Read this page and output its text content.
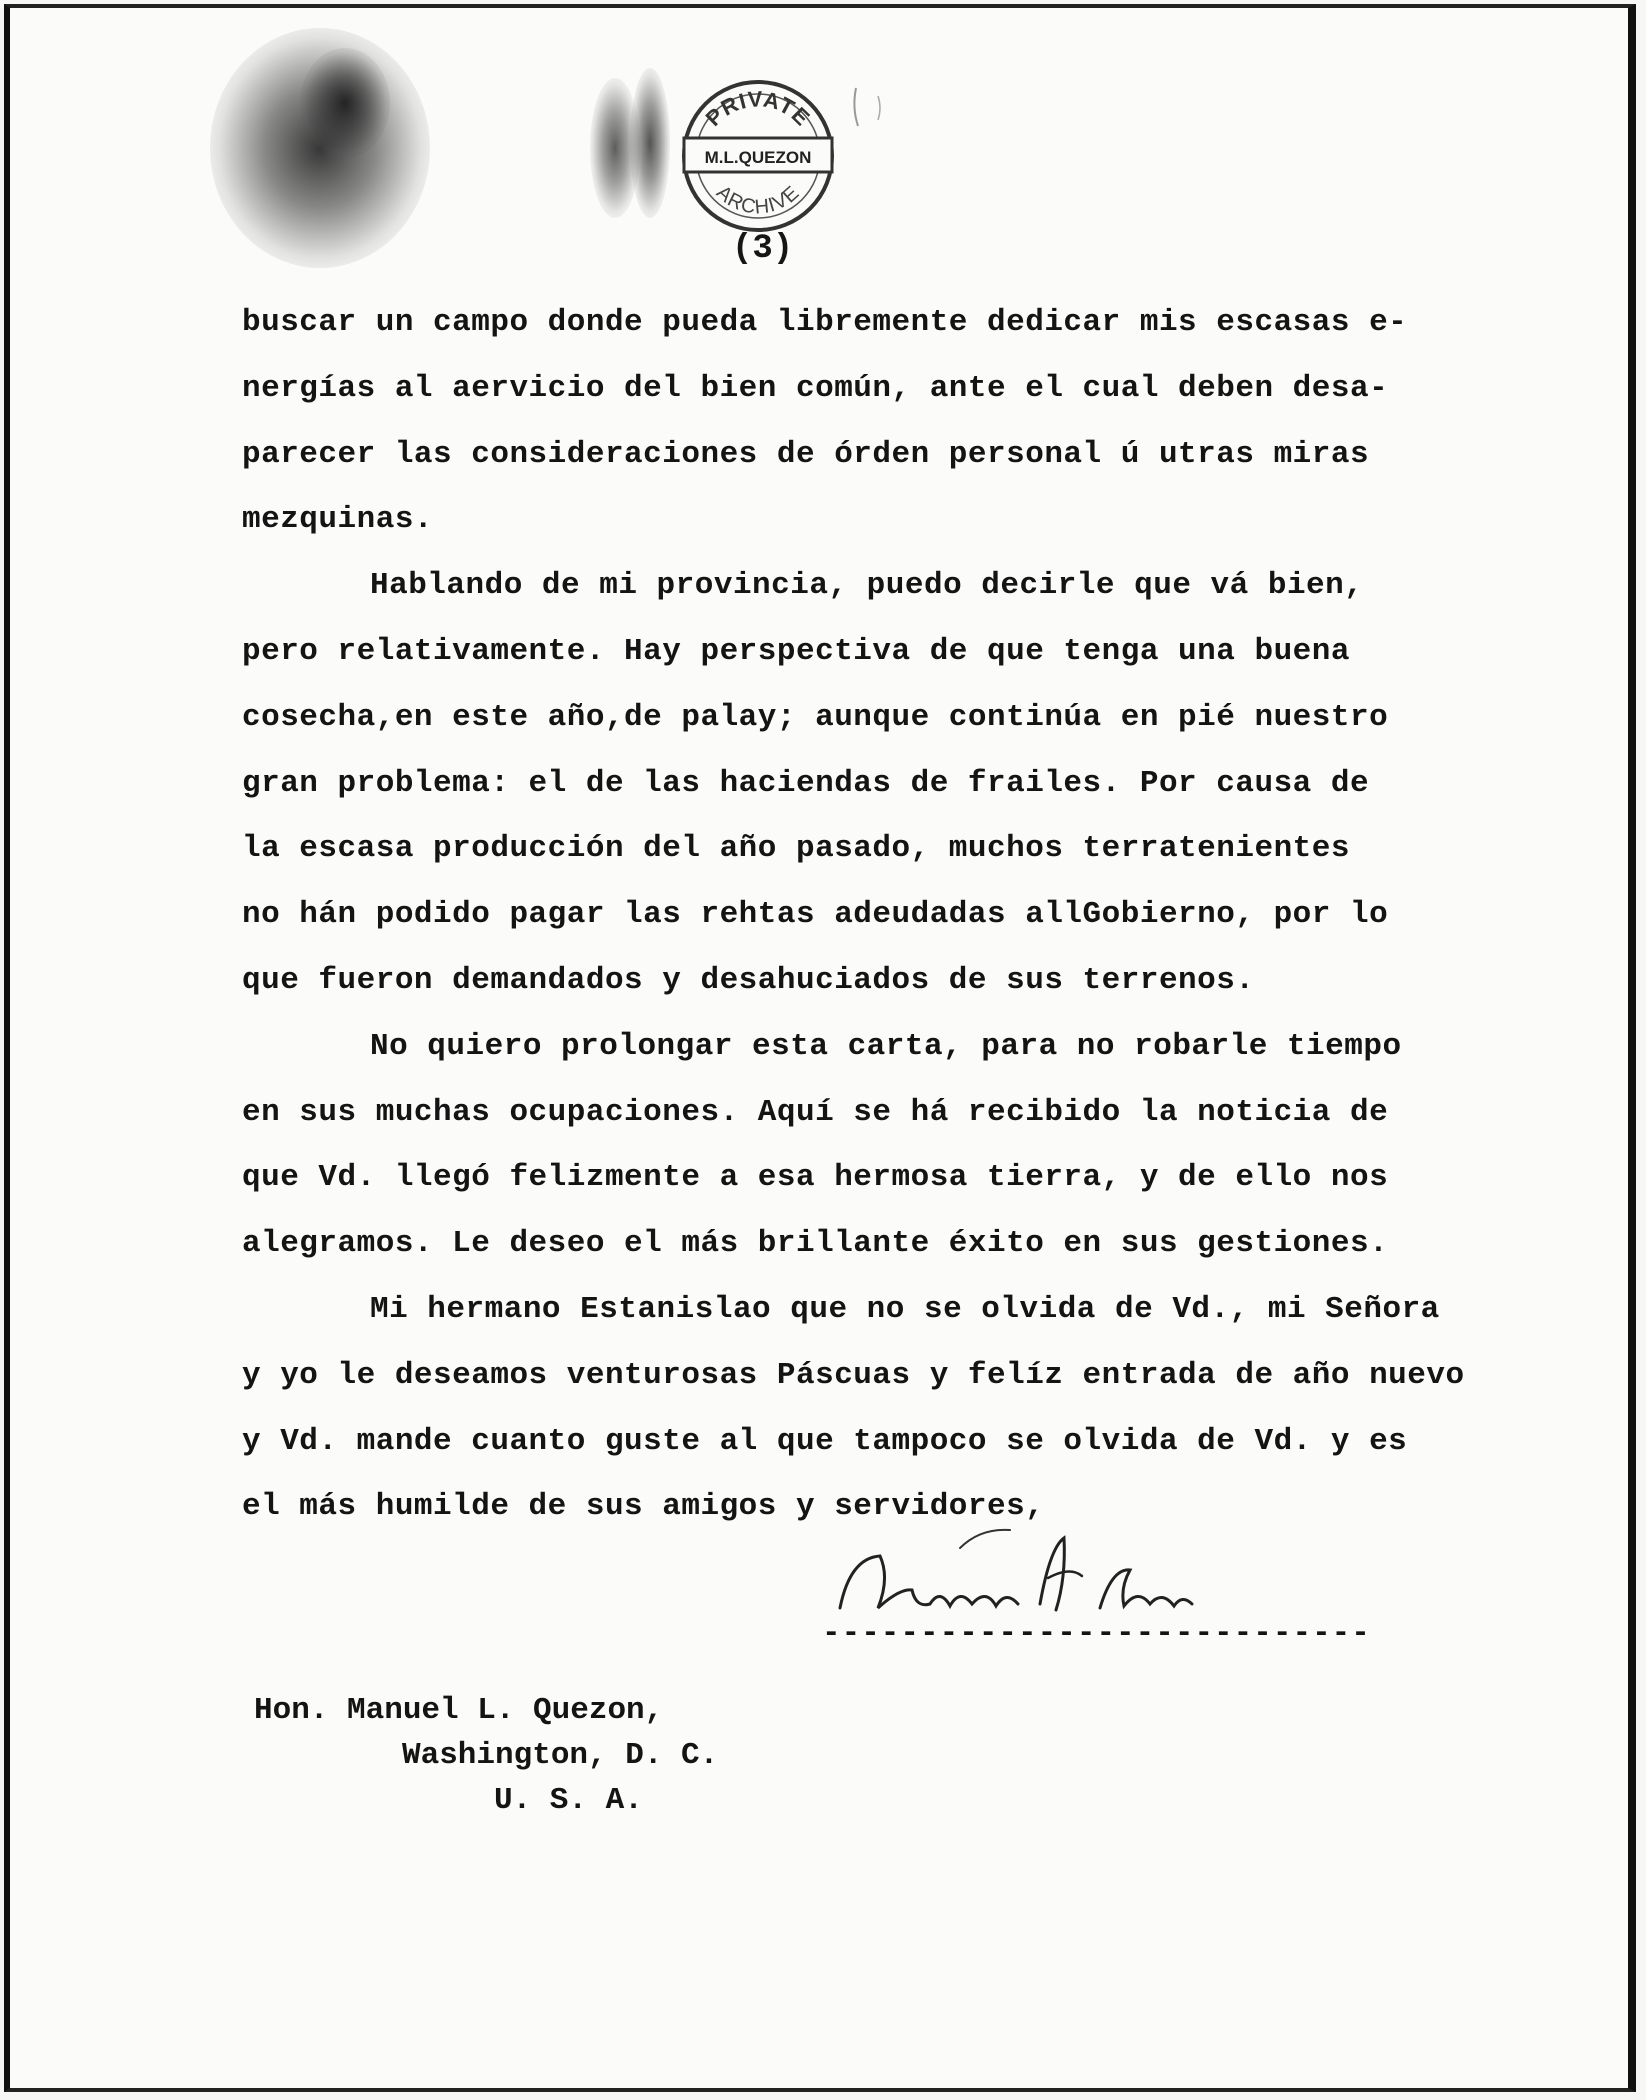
PRIVATE
M.L.QUEZON
ARCHIVE
(3)
buscar un campo donde pueda libremente dedicar mis escasas e-
nergías al aervicio del bien común, ante el cual deben desa-
parecer las consideraciones de órden personal ú utras miras
mezquinas.
Hablando de mi provincia, puedo decirle que vá bien,
pero relativamente. Hay perspectiva de que tenga una buena
cosecha,en este año,de palay; aunque continúa en pié nuestro
gran problema: el de las haciendas de frailes. Por causa de
la escasa producción del año pasado, muchos terratenientes
no hán podido pagar las rehtas adeudadas allGobierno, por lo
que fueron demandados y desahuciados de sus terrenos.
No quiero prolongar esta carta, para no robarle tiempo
en sus muchas ocupaciones. Aquí se há recibido la noticia de
que Vd. llegó felizmente a esa hermosa tierra, y de ello nos
alegramos. Le deseo el más brillante éxito en sus gestiones.
Mi hermano Estanislao que no se olvida de Vd., mi Señora
y yo le deseamos venturosas Páscuas y felíz entrada de año nuevo
y Vd. mande cuanto guste al que tampoco se olvida de Vd. y es
el más humilde de sus amigos y servidores,
----------------------------
Hon. Manuel L. Quezon,
Washington, D. C.
U. S. A.
